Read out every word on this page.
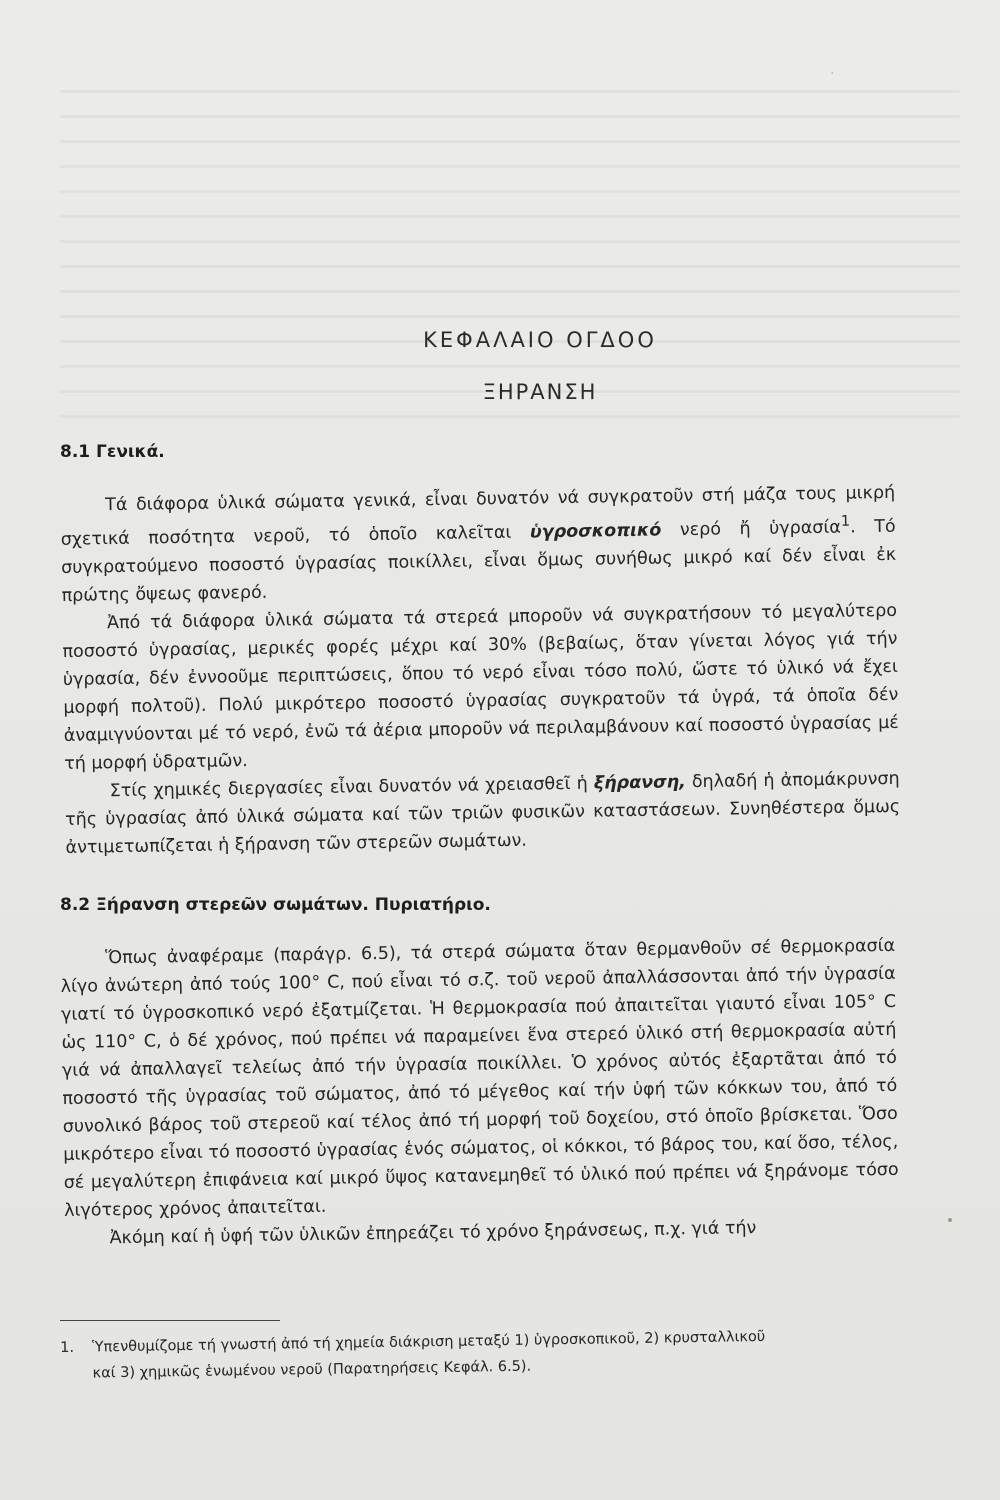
·
ΚΕΦΑΛΑΙΟ ΟΓΔΟΟ
ΞΗΡΑΝΣΗ
8.1 Γενικά.

Τά διάφορα ὑλικά σώματα γενικά, εἶναι δυνατόν νά συγκρατοῦν στή μάζα τους μικρή σχετικά ποσότητα νεροῦ, τό ὁποῖο καλεῖται ὑγροσκοπικό νερό ἤ ὑγρασία$^1$. Τό συγκρατούμενο ποσοστό ὑγρασίας ποικίλλει, εἶναι ὅμως συνήθως μικρό καί δέν εἶναι ἐκ πρώτης ὄψεως φανερό.

Ἀπό τά διάφορα ὑλικά σώματα τά στερεά μποροῦν νά συγκρατήσουν τό μεγαλύτερο ποσοστό ὑγρασίας, μερικές φορές μέχρι καί 30% (βεβαίως, ὅταν γίνεται λόγος γιά τήν ὑγρασία, δέν ἐννοοῦμε περιπτώσεις, ὅπου τό νερό εἶναι τόσο πολύ, ὥστε τό ὑλικό νά ἔχει μορφή πολτοῦ). Πολύ μικρότερο ποσοστό ὑγρασίας συγκρατοῦν τά ὑγρά, τά ὁποῖα δέν ἀναμιγνύονται μέ τό νερό, ἐνῶ τά ἀέρια μποροῦν νά περιλαμβάνουν καί ποσοστό ὑγρασίας μέ τή μορφή ὑδρατμῶν.

Στίς χημικές διεργασίες εἶναι δυνατόν νά χρειασθεῖ ἡ ξήρανση, δηλαδή ἡ ἀπομάκρυνση τῆς ὑγρασίας ἀπό ὑλικά σώματα καί τῶν τριῶν φυσικῶν καταστάσεων. Συνηθέστερα ὅμως ἀντιμετωπίζεται ἡ ξήρανση τῶν στερεῶν σωμάτων.

8.2 Ξήρανση στερεῶν σωμάτων. Πυριατήριο.

Ὅπως ἀναφέραμε (παράγρ. 6.5), τά στερά σώματα ὅταν θερμανθοῦν σέ θερμοκρασία λίγο ἀνώτερη ἀπό τούς 100° C, πού εἶναι τό σ.ζ. τοῦ νεροῦ ἀπαλλάσσονται ἀπό τήν ὑγρασία γιατί τό ὑγροσκοπικό νερό ἐξατμίζεται. Ἡ θερμοκρασία πού ἀπαιτεῖται γιαυτό εἶναι 105° C ὡς 110° C, ὁ δέ χρόνος, πού πρέπει νά παραμείνει ἕνα στερεό ὑλικό στή θερμοκρασία αὐτή γιά νά ἀπαλλαγεῖ τελείως ἀπό τήν ὑγρασία ποικίλλει. Ὁ χρόνος αὐτός ἐξαρτᾶται ἀπό τό ποσοστό τῆς ὑγρασίας τοῦ σώματος, ἀπό τό μέγεθος καί τήν ὑφή τῶν κόκκων του, ἀπό τό συνολικό βάρος τοῦ στερεοῦ καί τέλος ἀπό τή μορφή τοῦ δοχείου, στό ὁποῖο βρίσκεται. Ὅσο μικρότερο εἶναι τό ποσοστό ὑγρασίας ἑνός σώματος, οἱ κόκκοι, τό βάρος του, καί ὅσο, τέλος, σέ μεγαλύτερη ἐπιφάνεια καί μικρό ὕψος κατανεμηθεῖ τό ὑλικό πού πρέπει νά ξηράνομε τόσο λιγότερος χρόνος ἀπαιτεῖται.

Ἀκόμη καί ἡ ὑφή τῶν ὑλικῶν ἐπηρεάζει τό χρόνο ξηράνσεως, π.χ. γιά τήν

1. Ὑπενθυμίζομε τή γνωστή ἀπό τή χημεία διάκριση μεταξύ 1) ὑγροσκοπικοῦ, 2) κρυσταλλικοῦ
καί 3) χημικῶς ἑνωμένου νεροῦ (Παρατηρήσεις Κεφάλ. 6.5).
